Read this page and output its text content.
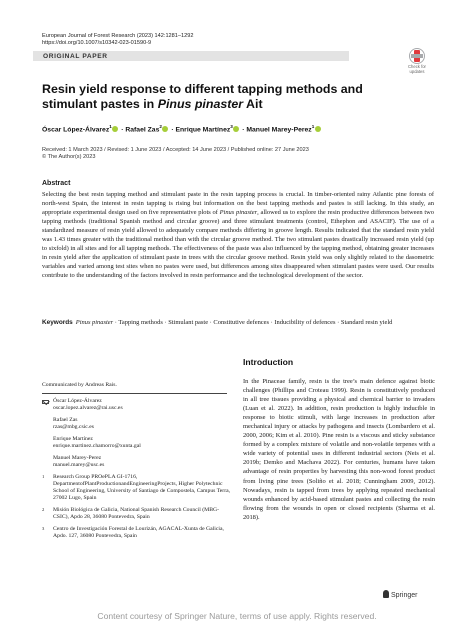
European Journal of Forest Research (2023) 142:1281–1292
https://doi.org/10.1007/s10342-023-01590-9
ORIGINAL PAPER
Check for
updates
Resin yield response to different tapping methods and stimulant pastes in Pinus pinaster Ait
Óscar López-Álvarez$^1$ · Rafael Zas$^2$ · Enrique Martínez$^3$ · Manuel Marey-Perez$^1$
Received: 1 March 2023 / Revised: 1 June 2023 / Accepted: 14 June 2023 / Published online: 27 June 2023
© The Author(s) 2023
Abstract
Selecting the best resin tapping method and stimulant paste in the resin tapping process is crucial. In timber-oriented rainy Atlantic pine forests of north-west Spain, the interest in resin tapping is rising but information on the best tapping methods and pastes is still lacking. In this study, an appropriate experimental design used on five representative plots of Pinus pinaster, allowed us to explore the resin productive differences between two tapping methods (traditional Spanish method and circular groove) and three stimulant treatments (control, Ethephon and ASACIF). The use of a standardized measure of resin yield allowed to adequately compare methods differing in groove length. Results indicated that the standard resin yield was 1.43 times greater with the traditional method than with the circular groove method. The two stimulant pastes drastically increased resin yield (up to sixfold) in all sites and for all tapping methods. The effectiveness of the paste was also influenced by the tapping method, obtaining greater increases in resin yield after the application of stimulant paste in trees with the circular groove method. Resin yield was only slightly related to the dasometric variables and varied among test sites when no pastes were used, but differences among sites disappeared when stimulant pastes were used. Our results contribute to the understanding of the factors involved in resin performance and the technological development of the sector.
Keywords Pinus pinaster · Tapping methods · Stimulant paste · Constitutive defences · Inducibility of defences · Standard resin yield
Communicated by Andreas Rais.
Óscar López-Álvarez
oscar.lopez.alvarez@rai.usc.es
Rafael Zas
rzas@mbg.csic.es
Enrique Martínez
enrique.martinez.chamorro@xunta.gal
Manuel Marey-Perez
manuel.marey@usc.es
1 Research Group PROePLA GI-1716, DepartmentofPlantProductionandEngineeringProjects, Higher Polytechnic School of Engineering, University of Santiago de Compostela, Campus Terra, 27002 Lugo, Spain
2 Misión Biológica de Galicia, National Spanish Research Council (MBG-CSIC), Apdo 28, 36080 Pontevedra, Spain
3 Centro de Investigación Forestal de Lourizán, AGACAL-Xunta de Galicia, Apdo. 127, 36080 Pontevedra, Spain
Introduction
In the Pinaceae family, resin is the tree’s main defence against biotic challenges (Phillips and Croteau 1999). Resin is constitutively produced in all tree tissues providing a physical and chemical barrier to invaders (Luan et al. 2022). In addition, resin production is highly inducible in response to biotic stimuli, with large increases in production after mechanical injury or attacks by pathogens and insects (Lombardero et al. 2000, 2006; Kim et al. 2010). Pine resin is a viscous and sticky substance formed by a complex mixture of volatile and non-volatile terpenes with a wide variety of potential uses in different industrial sectors (Neis et al. 2019b; Demko and Machava 2022). For centuries, humans have taken advantage of resin properties by harvesting this non-wood forest product from living pine trees (Soliño et al. 2018; Cunningham 2009, 2012). Nowadays, resin is tapped from trees by applying repeated mechanical wounds enhanced by acid-based stimulant pastes and collecting the resin flowing from the wounds in open or closed recipients (Sharma et al. 2018).
Springer
Content courtesy of Springer Nature, terms of use apply. Rights reserved.
